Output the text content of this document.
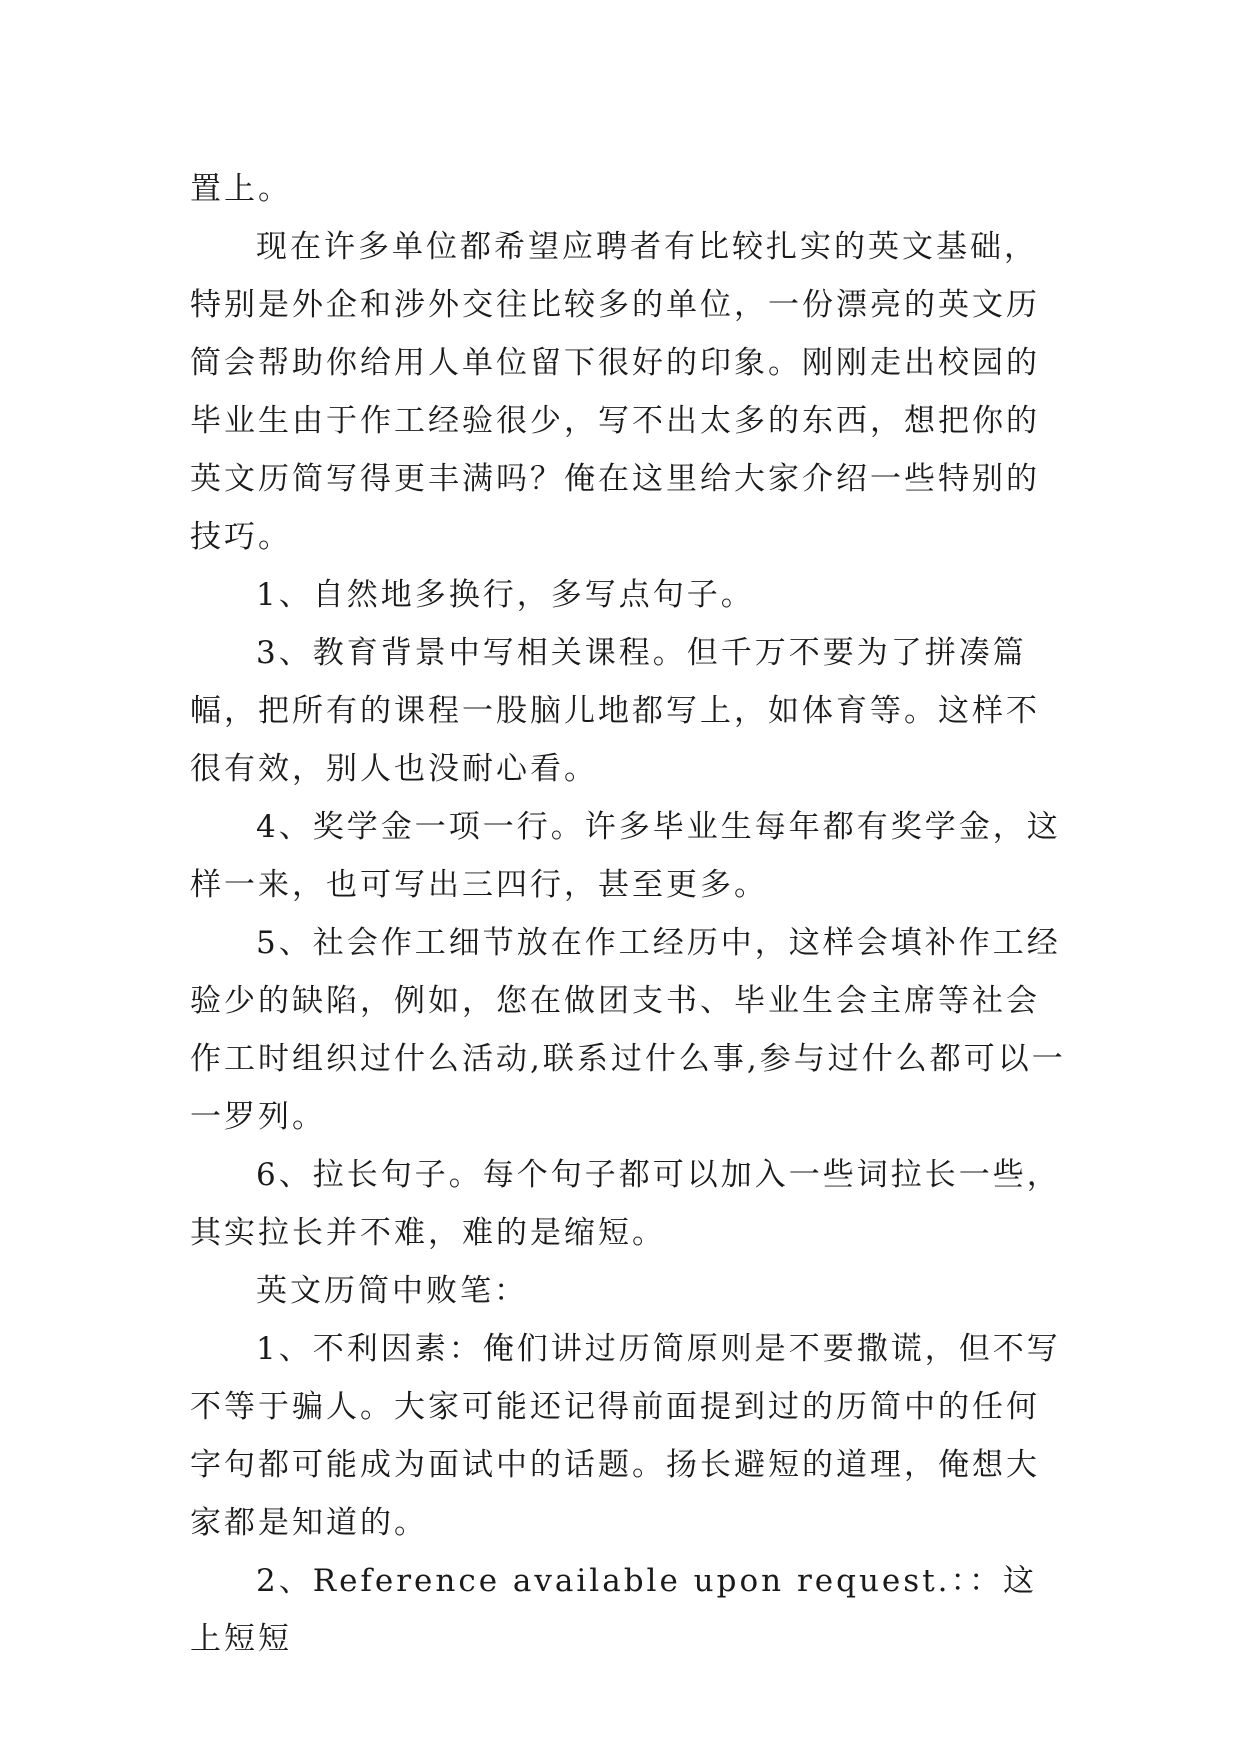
置上。

现在许多单位都希望应聘者有比较扎实的英文基础，特别是外企和涉外交往比较多的单位，一份漂亮的英文历简会帮助你给用人单位留下很好的印象。刚刚走出校园的毕业生由于作工经验很少，写不出太多的东西，想把你的英文历简写得更丰满吗？俺在这里给大家介绍一些特别的技巧。

1、自然地多换行，多写点句子。

3、教育背景中写相关课程。但千万不要为了拼凑篇幅，把所有的课程一股脑儿地都写上，如体育等。这样不很有效，别人也没耐心看。

4、奖学金一项一行。许多毕业生每年都有奖学金，这样一来，也可写出三四行，甚至更多。

5、社会作工细节放在作工经历中，这样会填补作工经验少的缺陷，例如，您在做团支书、毕业生会主席等社会作工时组织过什么活动,联系过什么事,参与过什么都可以一一罗列。

6、拉长句子。每个句子都可以加入一些词拉长一些，其实拉长并不难，难的是缩短。

英文历简中败笔：

1、不利因素：俺们讲过历简原则是不要撒谎，但不写不等于骗人。大家可能还记得前面提到过的历简中的任何字句都可能成为面试中的话题。扬长避短的道理，俺想大家都是知道的。

2、Reference available upon request.：：这上短短
